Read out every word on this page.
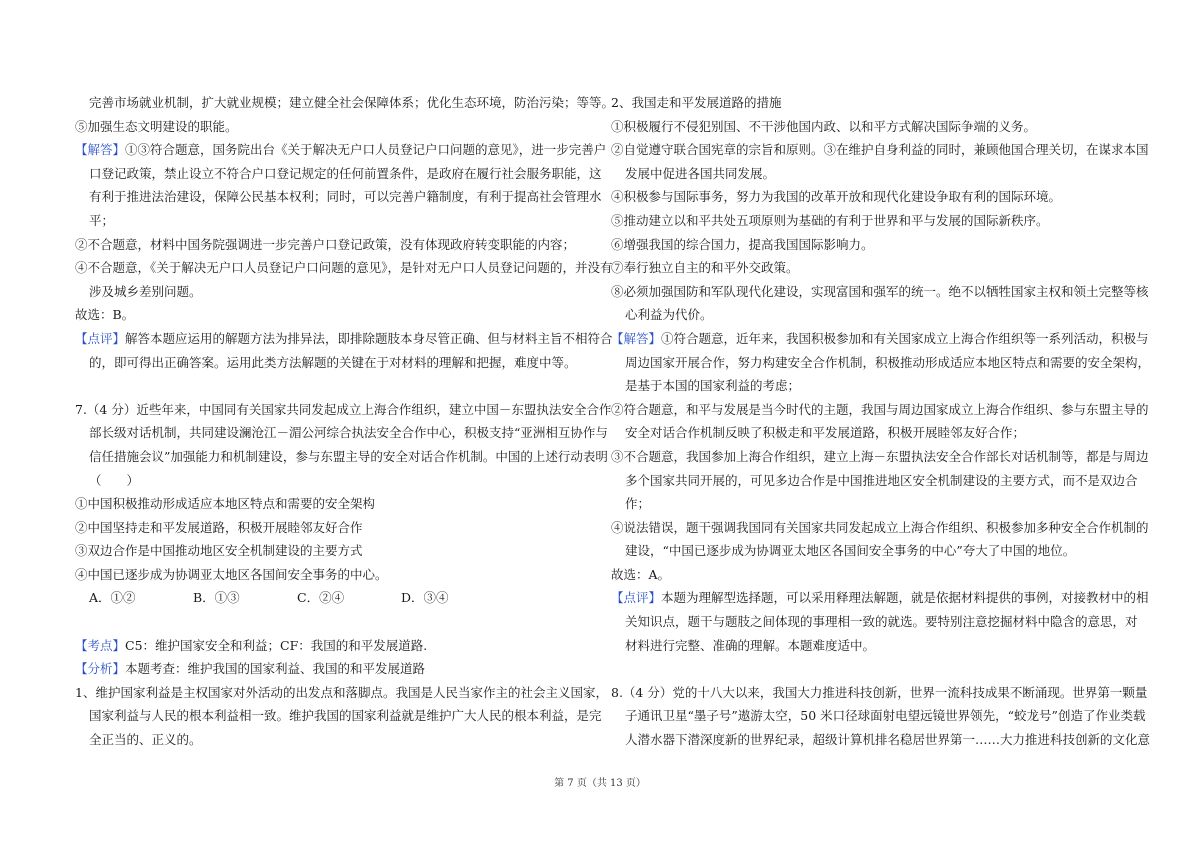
完善市场就业机制，扩大就业规模；建立健全社会保障体系；优化生态环境，防治污染；等等。
⑤加强生态文明建设的职能。
【解答】①③符合题意，国务院出台《关于解决无户口人员登记户口问题的意见》，进一步完善户
口登记政策，禁止设立不符合户口登记规定的任何前置条件，是政府在履行社会服务职能，这
有利于推进法治建设，保障公民基本权利；同时，可以完善户籍制度，有利于提高社会管理水
平；
②不合题意，材料中国务院强调进一步完善户口登记政策，没有体现政府转变职能的内容；
④不合题意，《关于解决无户口人员登记户口问题的意见》，是针对无户口人员登记问题的，并没有
涉及城乡差别问题。
故选：B。
【点评】解答本题应运用的解题方法为排异法，即排除题肢本身尽管正确、但与材料主旨不相符合
的，即可得出正确答案。运用此类方法解题的关键在于对材料的理解和把握，难度中等。
7.（4 分）近些年来，中国同有关国家共同发起成立上海合作组织，建立中国－东盟执法安全合作
部长级对话机制，共同建设澜沧江－湄公河综合执法安全合作中心，积极支持“亚洲相互协作与
信任措施会议”加强能力和机制建设，参与东盟主导的安全对话合作机制。中国的上述行动表明
（　　）
①中国积极推动形成适应本地区特点和需要的安全架构
②中国坚持走和平发展道路，积极开展睦邻友好合作
③双边合作是中国推动地区安全机制建设的主要方式
④中国已逐步成为协调亚太地区各国间安全事务的中心。
A．①②	B．①③	C．②④	D．③④
【考点】C5：维护国家安全和利益；CF：我国的和平发展道路.
【分析】本题考查：维护我国的国家利益、我国的和平发展道路
1、维护国家利益是主权国家对外活动的出发点和落脚点。我国是人民当家作主的社会主义国家，
国家利益与人民的根本利益相一致。维护我国的国家利益就是维护广大人民的根本利益，是完
全正当的、正义的。
2、我国走和平发展道路的措施
①积极履行不侵犯别国、不干涉他国内政、以和平方式解决国际争端的义务。
②自觉遵守联合国宪章的宗旨和原则。③在维护自身利益的同时，兼顾他国合理关切，在谋求本国
发展中促进各国共同发展。
④积极参与国际事务，努力为我国的改革开放和现代化建设争取有利的国际环境。
⑤推动建立以和平共处五项原则为基础的有利于世界和平与发展的国际新秩序。
⑥增强我国的综合国力，提高我国国际影响力。
⑦奉行独立自主的和平外交政策。
⑧必须加强国防和军队现代化建设，实现富国和强军的统一。绝不以牺牲国家主权和领土完整等核
心利益为代价。
【解答】①符合题意，近年来，我国积极参加和有关国家成立上海合作组织等一系列活动，积极与
周边国家开展合作，努力构建安全合作机制，积极推动形成适应本地区特点和需要的安全架构，
是基于本国的国家利益的考虑；
②符合题意，和平与发展是当今时代的主题，我国与周边国家成立上海合作组织、参与东盟主导的
安全对话合作机制反映了积极走和平发展道路，积极开展睦邻友好合作；
③不合题意，我国参加上海合作组织，建立上海－东盟执法安全合作部长对话机制等，都是与周边
多个国家共同开展的，可见多边合作是中国推进地区安全机制建设的主要方式，而不是双边合
作；
④说法错误，题干强调我国同有关国家共同发起成立上海合作组织、积极参加多种安全合作机制的
建设，“中国已逐步成为协调亚太地区各国间安全事务的中心”夸大了中国的地位。
故选：A。
【点评】本题为理解型选择题，可以采用释理法解题，就是依据材料提供的事例，对接教材中的相
关知识点，题干与题肢之间体现的事理相一致的就选。要特别注意挖掘材料中隐含的意思，对
材料进行完整、准确的理解。本题难度适中。
8.（4 分）党的十八大以来，我国大力推进科技创新，世界一流科技成果不断涌现。世界第一颗量
子通讯卫星“墨子号”遨游太空，50 米口径球面射电望远镜世界领先，“蛟龙号”创造了作业类载
人潜水器下潜深度新的世界纪录，超级计算机排名稳居世界第一……大力推进科技创新的文化意
第 7 页（共 13 页）
